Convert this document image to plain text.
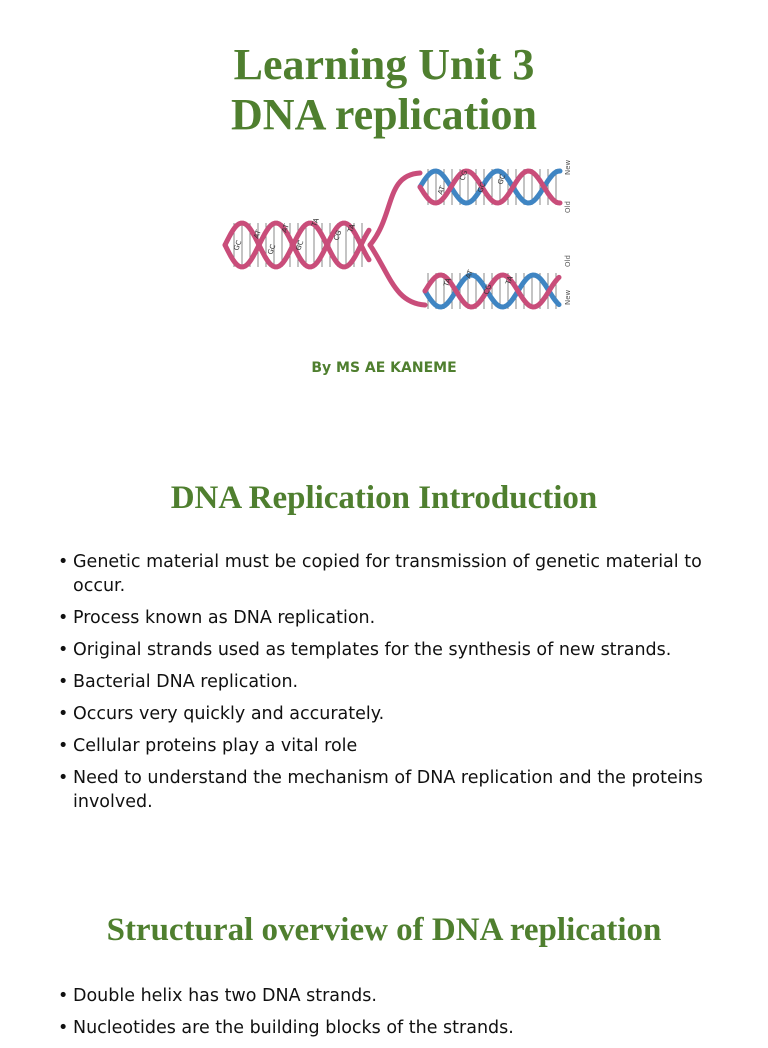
Learning Unit 3
DNA replication
GC
AT
GC
AT
GC
TA
CG
TA
AT
CG
GC
GC
TA
AT
CG
TA
New
Old
Old
New
By MS AE KANEME
DNA Replication Introduction
• Genetic material must be copied for transmission of genetic material to occur.
• Process known as DNA replication.
• Original strands used as templates for the synthesis of new strands.
• Bacterial DNA replication.
• Occurs very quickly and accurately.
• Cellular proteins play a vital role
• Need to understand the mechanism of DNA replication and the proteins involved.
Structural overview of DNA replication
• Double helix has two DNA strands.
• Nucleotides are the building blocks of the strands.
